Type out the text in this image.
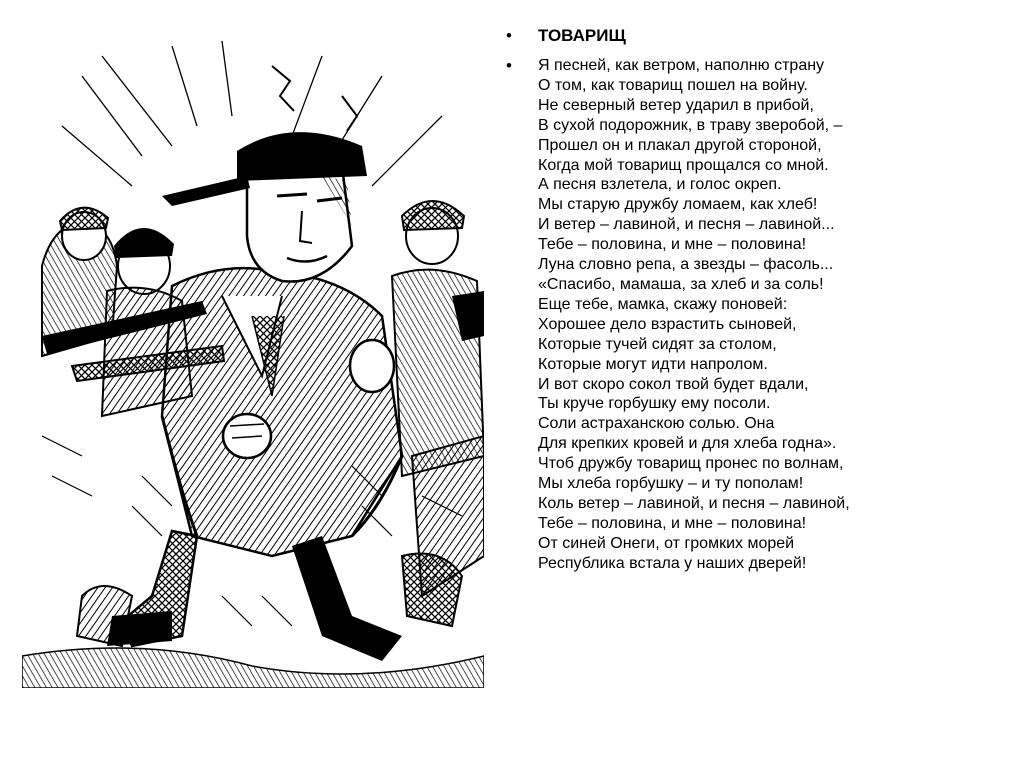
• ТОВАРИЩ
• Я песней, как ветром, наполню страну
О том, как товарищ пошел на войну.
Не северный ветер ударил в прибой,
В сухой подорожник, в траву зверобой, –
Прошел он и плакал другой стороной,
Когда мой товарищ прощался со мной.
А песня взлетела, и голос окреп.
Мы старую дружбу ломаем, как хлеб!
И ветер – лавиной, и песня – лавиной...
Тебе – половина, и мне – половина!
Луна словно репа, а звезды – фасоль...
«Спасибо, мамаша, за хлеб и за соль!
Еще тебе, мамка, скажу поновей:
Хорошее дело взрастить сыновей,
Которые тучей сидят за столом,
Которые могут идти напролом.
И вот скоро сокол твой будет вдали,
Ты круче горбушку ему посоли.
Соли астраханскою солью. Она
Для крепких кровей и для хлеба годна».
Чтоб дружбу товарищ пронес по волнам,
Мы хлеба горбушку – и ту пополам!
Коль ветер – лавиной, и песня – лавиной,
Тебе – половина, и мне – половина!
От синей Онеги, от громких морей
Республика встала у наших дверей!
